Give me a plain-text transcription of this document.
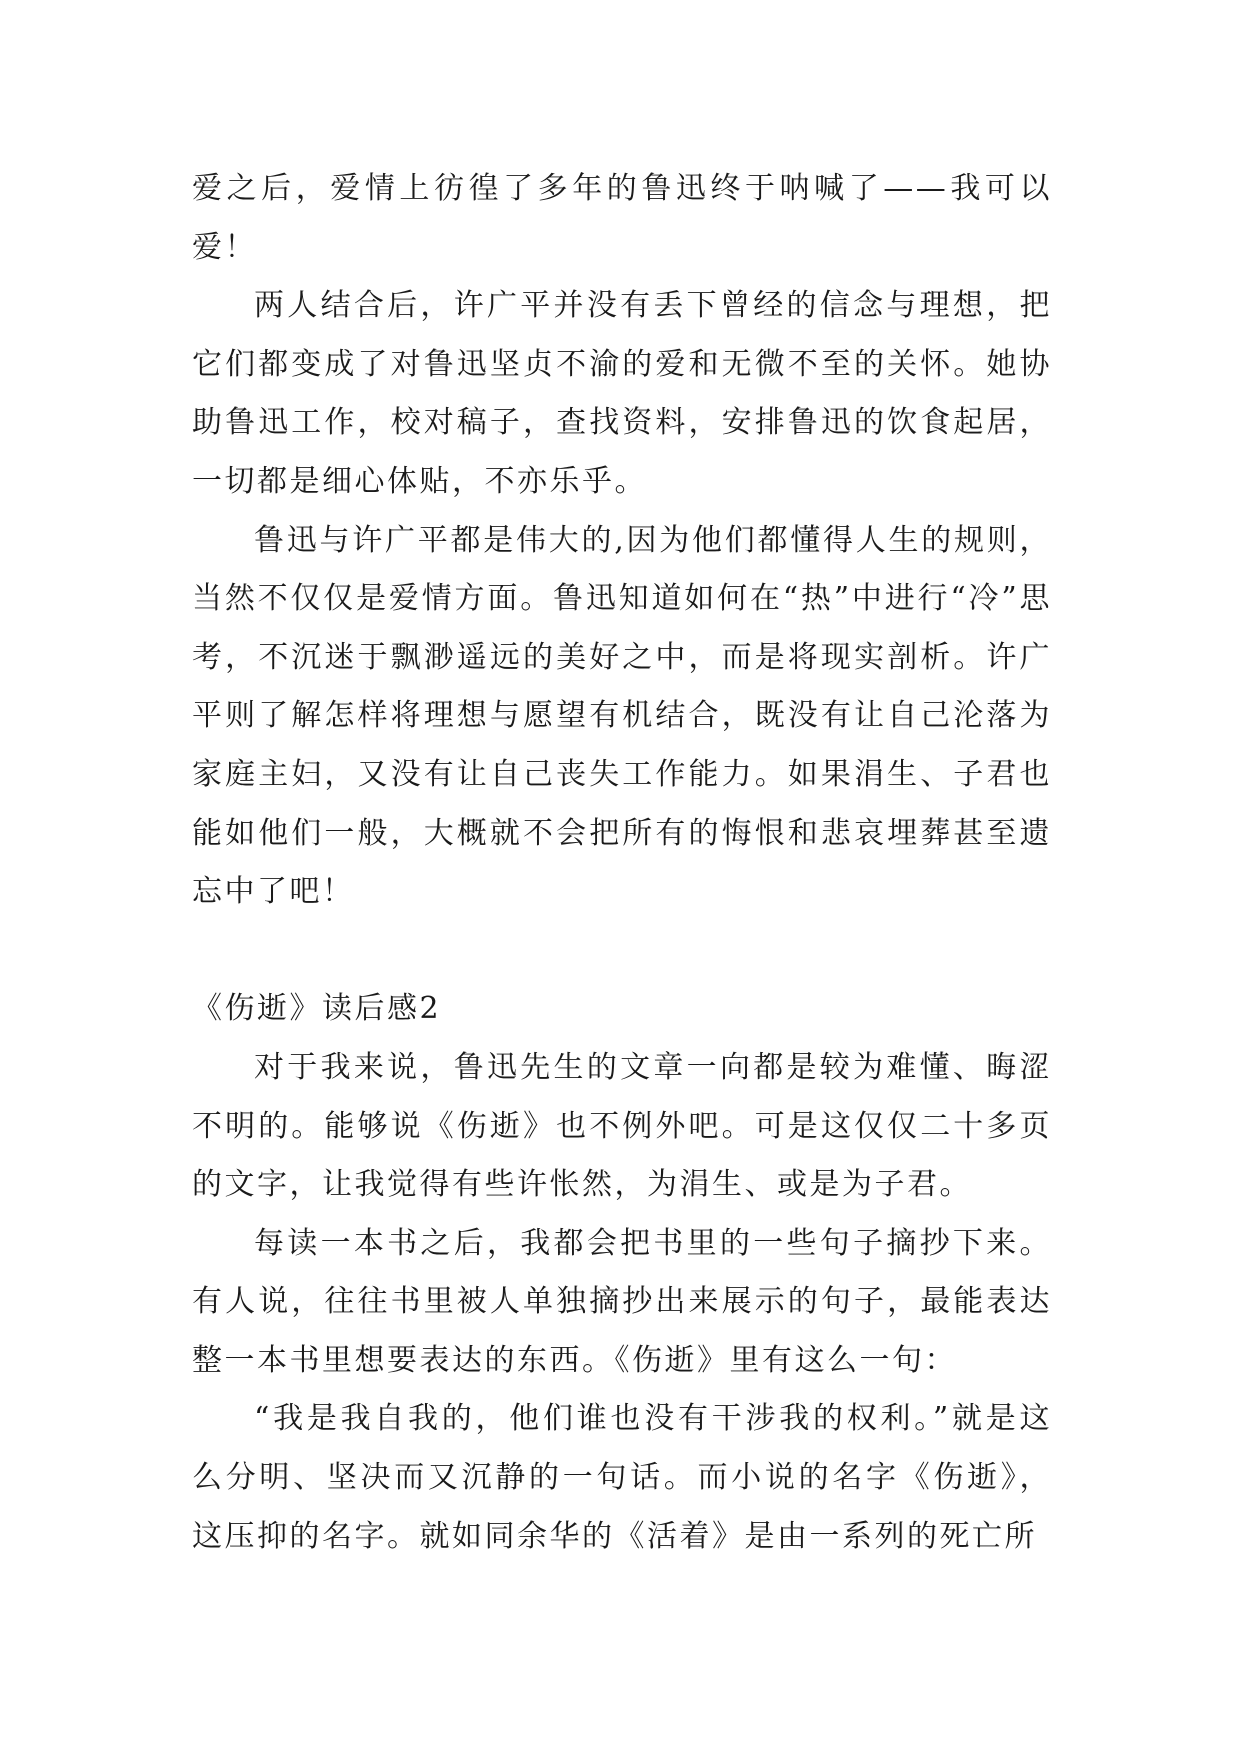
爱之后，爱情上彷徨了多年的鲁迅终于呐喊了——我可以爱！

两人结合后，许广平并没有丢下曾经的信念与理想，把它们都变成了对鲁迅坚贞不渝的爱和无微不至的关怀。她协助鲁迅工作，校对稿子，查找资料，安排鲁迅的饮食起居，一切都是细心体贴，不亦乐乎。

鲁迅与许广平都是伟大的,因为他们都懂得人生的规则，当然不仅仅是爱情方面。鲁迅知道如何在“热”中进行“冷”思考，不沉迷于飘渺遥远的美好之中，而是将现实剖析。许广平则了解怎样将理想与愿望有机结合，既没有让自己沦落为家庭主妇，又没有让自己丧失工作能力。如果涓生、子君也能如他们一般，大概就不会把所有的悔恨和悲哀埋葬甚至遗忘中了吧！

《伤逝》读后感2

对于我来说，鲁迅先生的文章一向都是较为难懂、晦涩不明的。能够说《伤逝》也不例外吧。可是这仅仅二十多页的文字，让我觉得有些许怅然，为涓生、或是为子君。

每读一本书之后，我都会把书里的一些句子摘抄下来。有人说，往往书里被人单独摘抄出来展示的句子，最能表达整一本书里想要表达的东西。《伤逝》里有这么一句：

“我是我自我的，他们谁也没有干涉我的权利。”就是这么分明、坚决而又沉静的一句话。而小说的名字《伤逝》，这压抑的名字。就如同余华的《活着》是由一系列的死亡所
